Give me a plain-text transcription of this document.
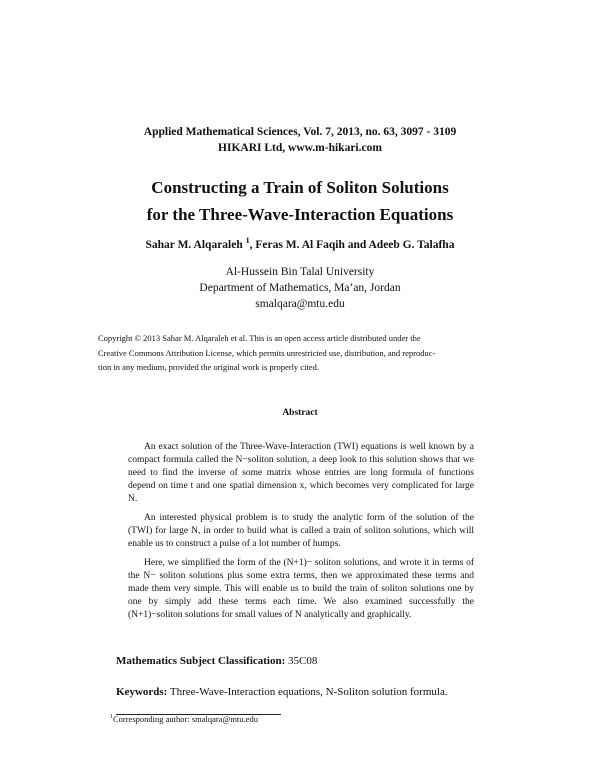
Applied Mathematical Sciences, Vol. 7, 2013, no. 63, 3097 - 3109
HIKARI Ltd, www.m-hikari.com
Constructing a Train of Soliton Solutions
for the Three-Wave-Interaction Equations
Sahar M. Alqaraleh $^1$, Feras M. Al Faqih and Adeeb G. Talafha
Al-Hussein Bin Talal University
Department of Mathematics, Ma’an, Jordan
smalqara@mtu.edu
Copyright © 2013 Sahar M. Alqaraleh et al. This is an open access article distributed under the
Creative Commons Attribution License, which permits unrestricted use, distribution, and reproduc-
tion in any medium, provided the original work is properly cited.
Abstract

An exact solution of the Three-Wave-Interaction (TWI) equations is well known by a compact formula called the N−soliton solution, a deep look to this solution shows that we need to find the inverse of some matrix whose entries are long formula of functions depend on time t and one spatial dimension x, which becomes very complicated for large N.

An interested physical problem is to study the analytic form of the solution of the (TWI) for large N, in order to build what is called a train of soliton solutions, which will enable us to construct a pulse of a lot number of humps.

Here, we simplified the form of the (N+1)− soliton solutions, and wrote it in terms of the N− soliton solutions plus some extra terms, then we approximated these terms and made them very simple. This will enable us to build the train of soliton solutions one by one by simply add these terms each time. We also examined successfully the (N+1)−soliton solutions for small values of N analytically and graphically.

Mathematics Subject Classification: 35C08
Keywords: Three-Wave-Interaction equations, N-Soliton solution formula.
$^1$Corresponding author: smalqara@mtu.edu
